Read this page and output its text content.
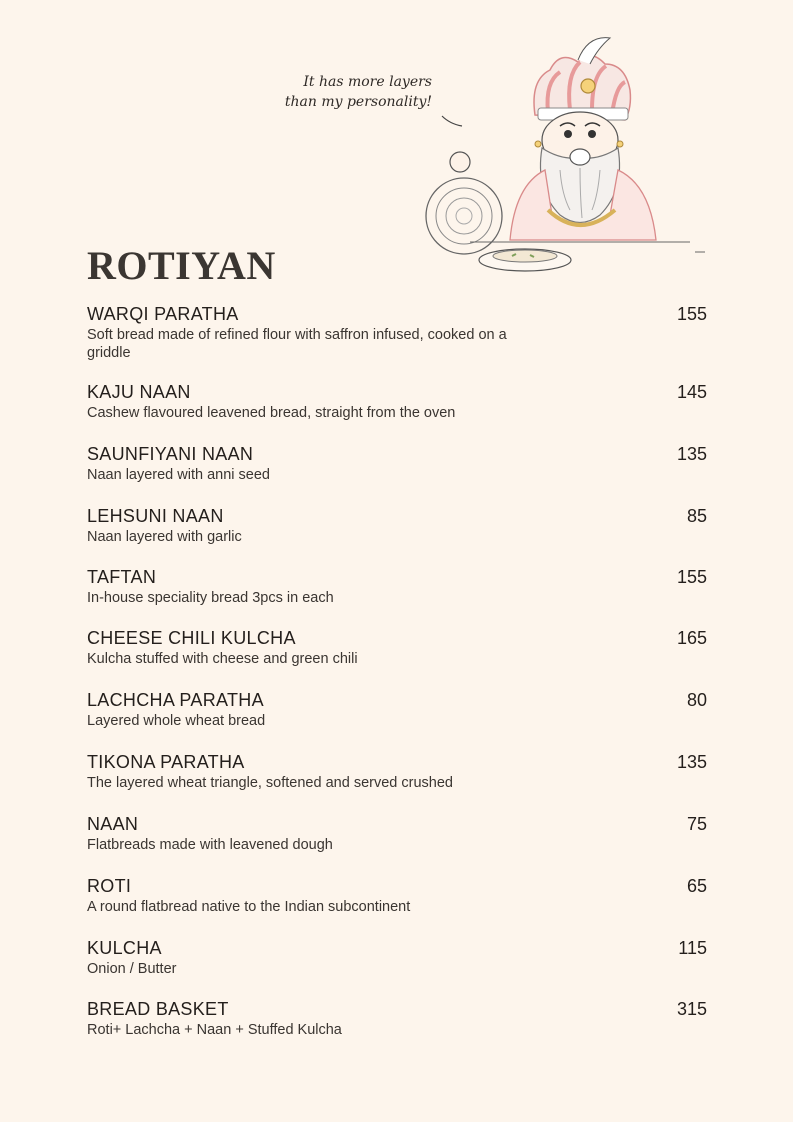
It has more layers
than my personality!
ROTIYAN
WARQI PARATHA	155
Soft bread made of refined flour with saffron infused, cooked on a griddle
KAJU NAAN	145
Cashew flavoured leavened bread, straight from the oven
SAUNFIYANI NAAN	135
Naan layered with anni seed
LEHSUNI NAAN	85
Naan layered with garlic
TAFTAN	155
In-house speciality bread 3pcs in each
CHEESE CHILI KULCHA	165
Kulcha stuffed with cheese and green chili
LACHCHA PARATHA	80
Layered whole wheat bread
TIKONA PARATHA	135
The layered wheat triangle, softened and served crushed
NAAN	75
Flatbreads made with leavened dough
ROTI	65
A round flatbread native to the Indian subcontinent
KULCHA	115
Onion / Butter
BREAD BASKET	315
Roti+ Lachcha + Naan + Stuffed Kulcha
